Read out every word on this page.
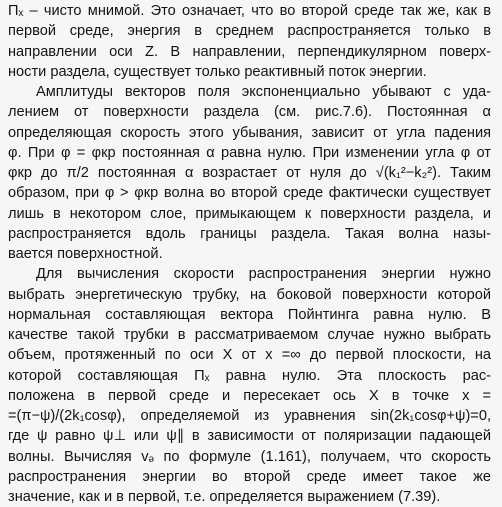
Пₓ – чисто мнимой. Это означает, что во второй среде так же, как в
первой среде, энергия в среднем распространяется только в
направлении оси Z. В направлении, перпендикулярном поверх-
ности раздела, существует только реактивный поток энергии.
Амплитуды векторов поля экспоненциально убывают с уда-
лением от поверхности раздела (см. рис.7.6). Постоянная α
определяющая скорость этого убывания, зависит от угла падения
φ. При φ = φкр постоянная α равна нулю. При изменении угла φ от
φкр до π/2 постоянная α возрастает от нуля до √(k₁²−k₂²). Таким
образом, при φ > φкр волна во второй среде фактически существует
лишь в некотором слое, примыкающем к поверхности раздела, и
распространяется вдоль границы раздела. Такая волна назы-
вается поверхностной.
Для вычисления скорости распространения энергии нужно
выбрать энергетическую трубку, на боковой поверхности которой
нормальная составляющая вектора Пойнтинга равна нулю. В
качестве такой трубки в рассматриваемом случае нужно выбрать
объем, протяженный по оси X от x =∞ до первой плоскости, на
которой составляющая Пₓ равна нулю. Эта плоскость рас-
положена в первой среде и пересекает ось X в точке x =
=(π−ψ)/(2k₁cosφ), определяемой из уравнения sin(2k₁cosφ+ψ)=0,
где ψ равно ψ⊥ или ψ∥ в зависимости от поляризации падающей
волны. Вычисляя vₔ по формуле (1.161), получаем, что скорость
распространения энергии во второй среде имеет такое же
значение, как и в первой, т.е. определяется выражением (7.39).
